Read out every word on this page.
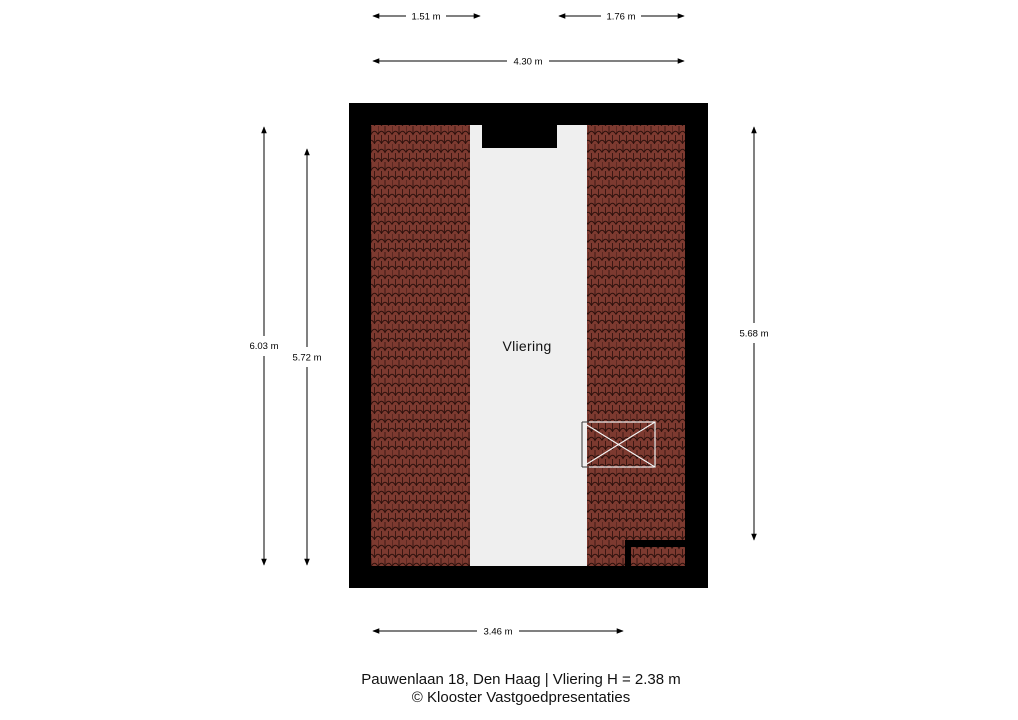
1.51 m	1.76 m
4.30 m
6.03 m
5.72 m
5.68 m
3.46 m
Vliering
Pauwenlaan 18, Den Haag | Vliering H = 2.38 m
© Klooster Vastgoedpresentaties
